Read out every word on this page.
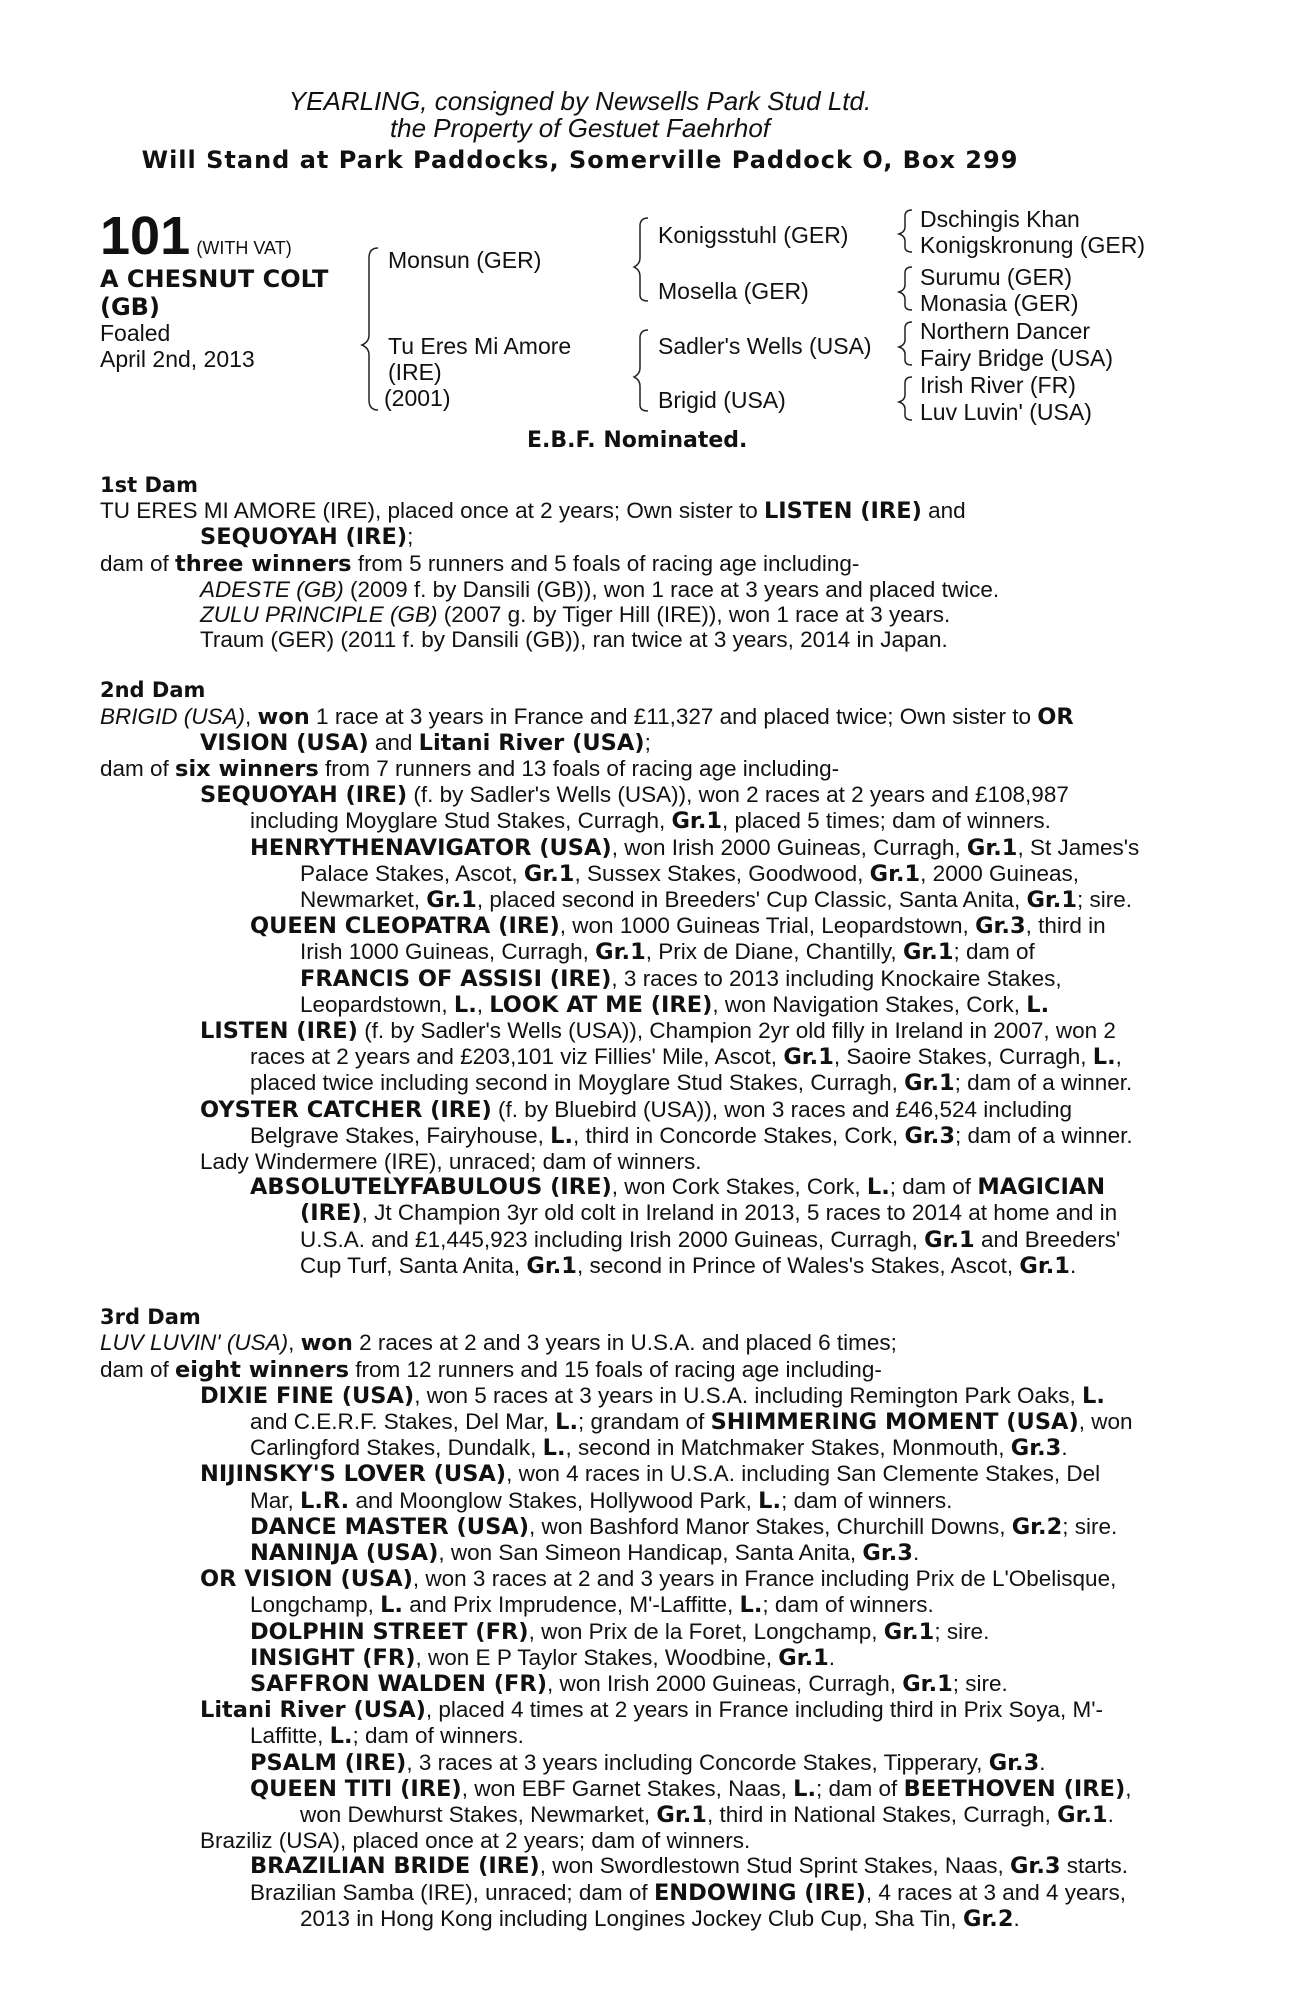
YEARLING, consigned by Newsells Park Stud Ltd.
the Property of Gestuet Faehrhof
Will Stand at Park Paddocks, Somerville Paddock O, Box 299
101 (WITH VAT)
A CHESNUT COLT
(GB)
Foaled
April 2nd, 2013
Monsun (GER)
Tu Eres Mi Amore
(IRE)
(2001)
Konigsstuhl (GER)
Mosella (GER)
Sadler's Wells (USA)
Brigid (USA)
Dschingis Khan
Konigskronung (GER)
Surumu (GER)
Monasia (GER)
Northern Dancer
Fairy Bridge (USA)
Irish River (FR)
Luv Luvin' (USA)
E.B.F. Nominated.
1st Dam
TU ERES MI AMORE (IRE), placed once at 2 years; Own sister to LISTEN (IRE) and
SEQUOYAH (IRE);
dam of three winners from 5 runners and 5 foals of racing age including-
ADESTE (GB) (2009 f. by Dansili (GB)), won 1 race at 3 years and placed twice.
ZULU PRINCIPLE (GB) (2007 g. by Tiger Hill (IRE)), won 1 race at 3 years.
Traum (GER) (2011 f. by Dansili (GB)), ran twice at 3 years, 2014 in Japan.
2nd Dam
BRIGID (USA), won 1 race at 3 years in France and £11,327 and placed twice; Own sister to OR
VISION (USA) and Litani River (USA);
dam of six winners from 7 runners and 13 foals of racing age including-
SEQUOYAH (IRE) (f. by Sadler's Wells (USA)), won 2 races at 2 years and £108,987
including Moyglare Stud Stakes, Curragh, Gr.1, placed 5 times; dam of winners.
HENRYTHENAVIGATOR (USA), won Irish 2000 Guineas, Curragh, Gr.1, St James's
Palace Stakes, Ascot, Gr.1, Sussex Stakes, Goodwood, Gr.1, 2000 Guineas,
Newmarket, Gr.1, placed second in Breeders' Cup Classic, Santa Anita, Gr.1; sire.
QUEEN CLEOPATRA (IRE), won 1000 Guineas Trial, Leopardstown, Gr.3, third in
Irish 1000 Guineas, Curragh, Gr.1, Prix de Diane, Chantilly, Gr.1; dam of
FRANCIS OF ASSISI (IRE), 3 races to 2013 including Knockaire Stakes,
Leopardstown, L., LOOK AT ME (IRE), won Navigation Stakes, Cork, L.
LISTEN (IRE) (f. by Sadler's Wells (USA)), Champion 2yr old filly in Ireland in 2007, won 2
races at 2 years and £203,101 viz Fillies' Mile, Ascot, Gr.1, Saoire Stakes, Curragh, L.,
placed twice including second in Moyglare Stud Stakes, Curragh, Gr.1; dam of a winner.
OYSTER CATCHER (IRE) (f. by Bluebird (USA)), won 3 races and £46,524 including
Belgrave Stakes, Fairyhouse, L., third in Concorde Stakes, Cork, Gr.3; dam of a winner.
Lady Windermere (IRE), unraced; dam of winners.
ABSOLUTELYFABULOUS (IRE), won Cork Stakes, Cork, L.; dam of MAGICIAN
(IRE), Jt Champion 3yr old colt in Ireland in 2013, 5 races to 2014 at home and in
U.S.A. and £1,445,923 including Irish 2000 Guineas, Curragh, Gr.1 and Breeders'
Cup Turf, Santa Anita, Gr.1, second in Prince of Wales's Stakes, Ascot, Gr.1.
3rd Dam
LUV LUVIN' (USA), won 2 races at 2 and 3 years in U.S.A. and placed 6 times;
dam of eight winners from 12 runners and 15 foals of racing age including-
DIXIE FINE (USA), won 5 races at 3 years in U.S.A. including Remington Park Oaks, L.
and C.E.R.F. Stakes, Del Mar, L.; grandam of SHIMMERING MOMENT (USA), won
Carlingford Stakes, Dundalk, L., second in Matchmaker Stakes, Monmouth, Gr.3.
NIJINSKY'S LOVER (USA), won 4 races in U.S.A. including San Clemente Stakes, Del
Mar, L.R. and Moonglow Stakes, Hollywood Park, L.; dam of winners.
DANCE MASTER (USA), won Bashford Manor Stakes, Churchill Downs, Gr.2; sire.
NANINJA (USA), won San Simeon Handicap, Santa Anita, Gr.3.
OR VISION (USA), won 3 races at 2 and 3 years in France including Prix de L'Obelisque,
Longchamp, L. and Prix Imprudence, M'-Laffitte, L.; dam of winners.
DOLPHIN STREET (FR), won Prix de la Foret, Longchamp, Gr.1; sire.
INSIGHT (FR), won E P Taylor Stakes, Woodbine, Gr.1.
SAFFRON WALDEN (FR), won Irish 2000 Guineas, Curragh, Gr.1; sire.
Litani River (USA), placed 4 times at 2 years in France including third in Prix Soya, M'-
Laffitte, L.; dam of winners.
PSALM (IRE), 3 races at 3 years including Concorde Stakes, Tipperary, Gr.3.
QUEEN TITI (IRE), won EBF Garnet Stakes, Naas, L.; dam of BEETHOVEN (IRE),
won Dewhurst Stakes, Newmarket, Gr.1, third in National Stakes, Curragh, Gr.1.
Braziliz (USA), placed once at 2 years; dam of winners.
BRAZILIAN BRIDE (IRE), won Swordlestown Stud Sprint Stakes, Naas, Gr.3 starts.
Brazilian Samba (IRE), unraced; dam of ENDOWING (IRE), 4 races at 3 and 4 years,
2013 in Hong Kong including Longines Jockey Club Cup, Sha Tin, Gr.2.
